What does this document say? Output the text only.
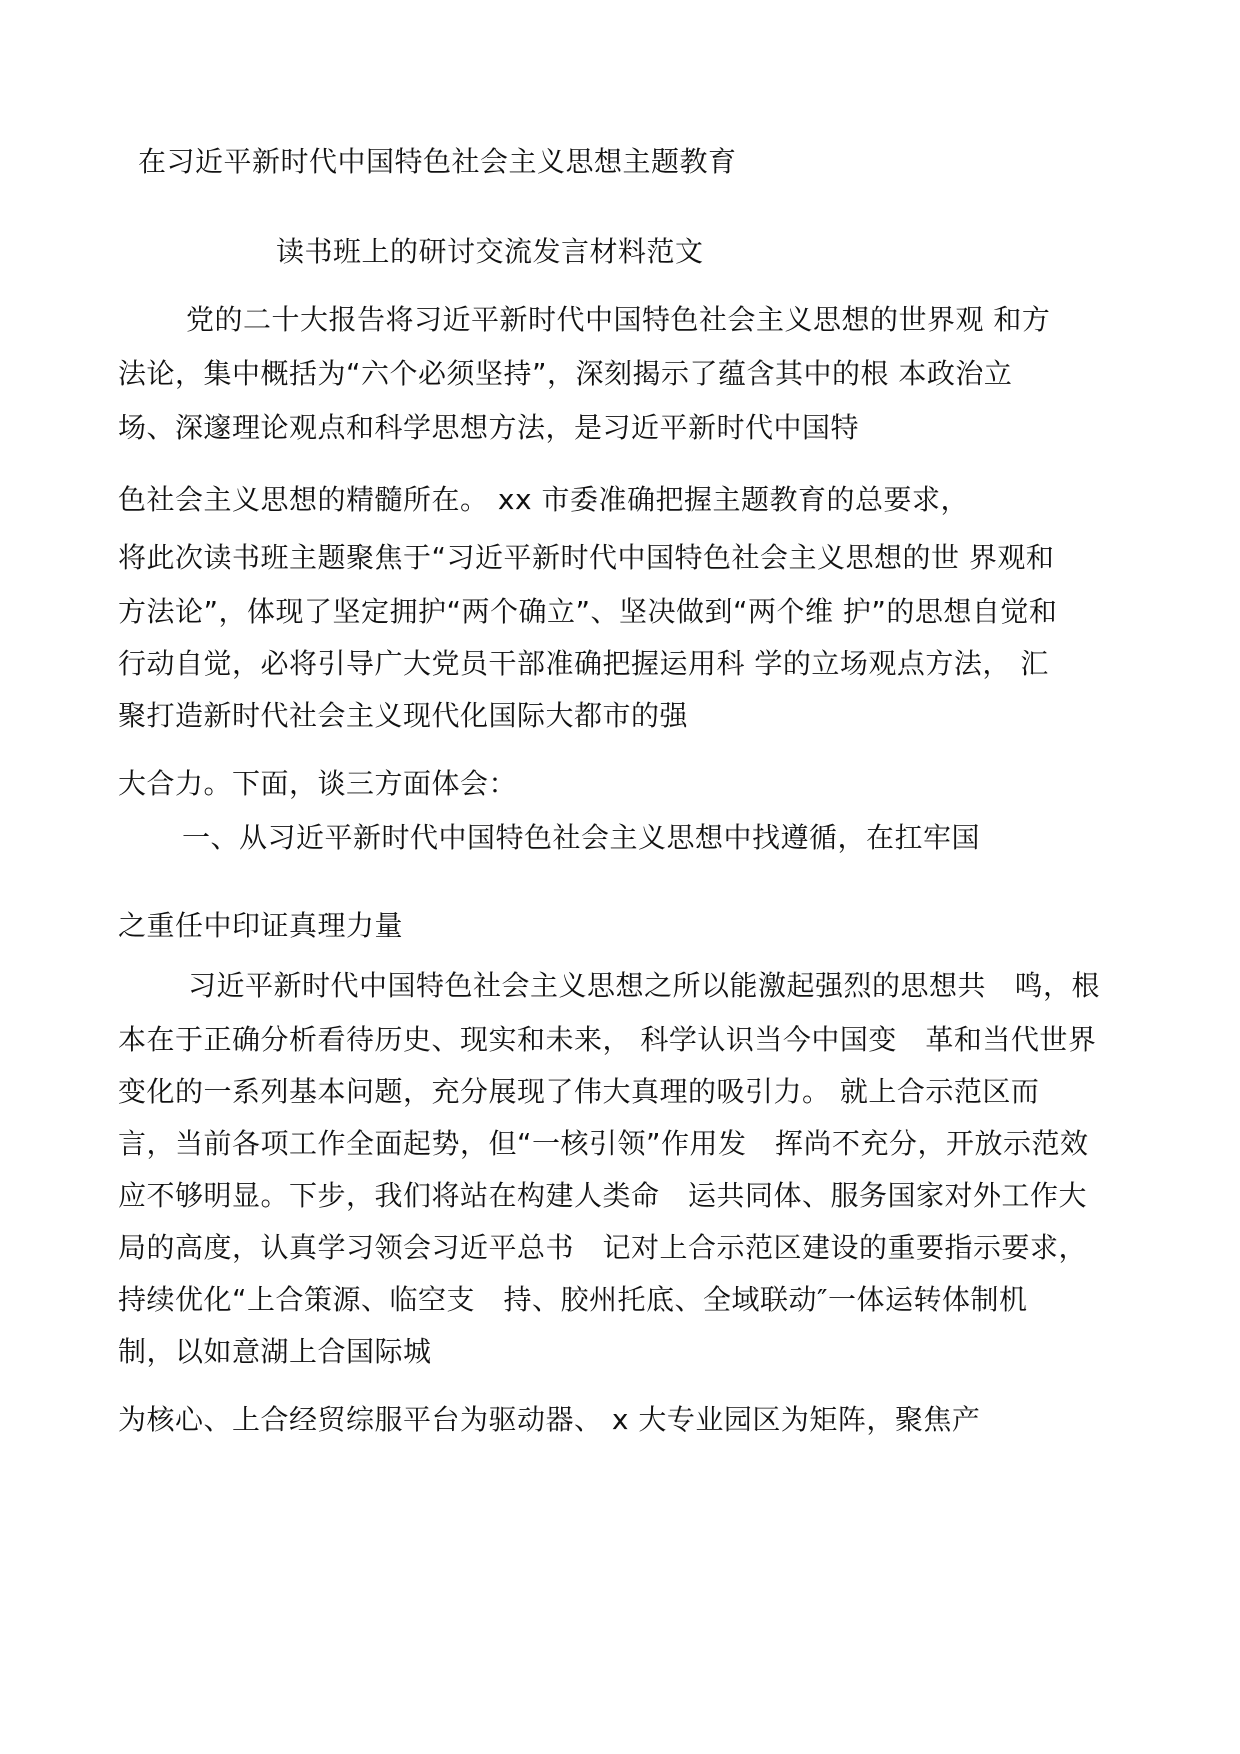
在习近平新时代中国特色社会主义思想主题教育
读书班上的研讨交流发言材料范文
党的二十大报告将习近平新时代中国特色社会主义思想的世界观 和方
法论，集中概括为“六个必须坚持”，深刻揭示了蕴含其中的根 本政治立
场、深邃理论观点和科学思想方法，是习近平新时代中国特
色社会主义思想的精髓所在。 xx 市委准确把握主题教育的总要求，
将此次读书班主题聚焦于“习近平新时代中国特色社会主义思想的世 界观和
方法论”，体现了坚定拥护“两个确立”、坚决做到“两个维 护”的思想自觉和
行动自觉，必将引导广大党员干部准确把握运用科 学的立场观点方法， 汇
聚打造新时代社会主义现代化国际大都市的强
大合力。下面，谈三方面体会：
一、从习近平新时代中国特色社会主义思想中找遵循，在扛牢国
之重任中印证真理力量
习近平新时代中国特色社会主义思想之所以能激起强烈的思想共　鸣，根
本在于正确分析看待历史、现实和未来， 科学认识当今中国变　革和当代世界
变化的一系列基本问题，充分展现了伟大真理的吸引力。 就上合示范区而
言，当前各项工作全面起势，但“一核引领”作用发　挥尚不充分，开放示范效
应不够明显。下步，我们将站在构建人类命　运共同体、服务国家对外工作大
局的高度，认真学习领会习近平总书　记对上合示范区建设的重要指示要求，
持续优化“上合策源、临空支　持、胶州托底、全域联动″一体运转体制机
制，以如意湖上合国际城
为核心、上合经贸综服平台为驱动器、 x 大专业园区为矩阵，聚焦产
